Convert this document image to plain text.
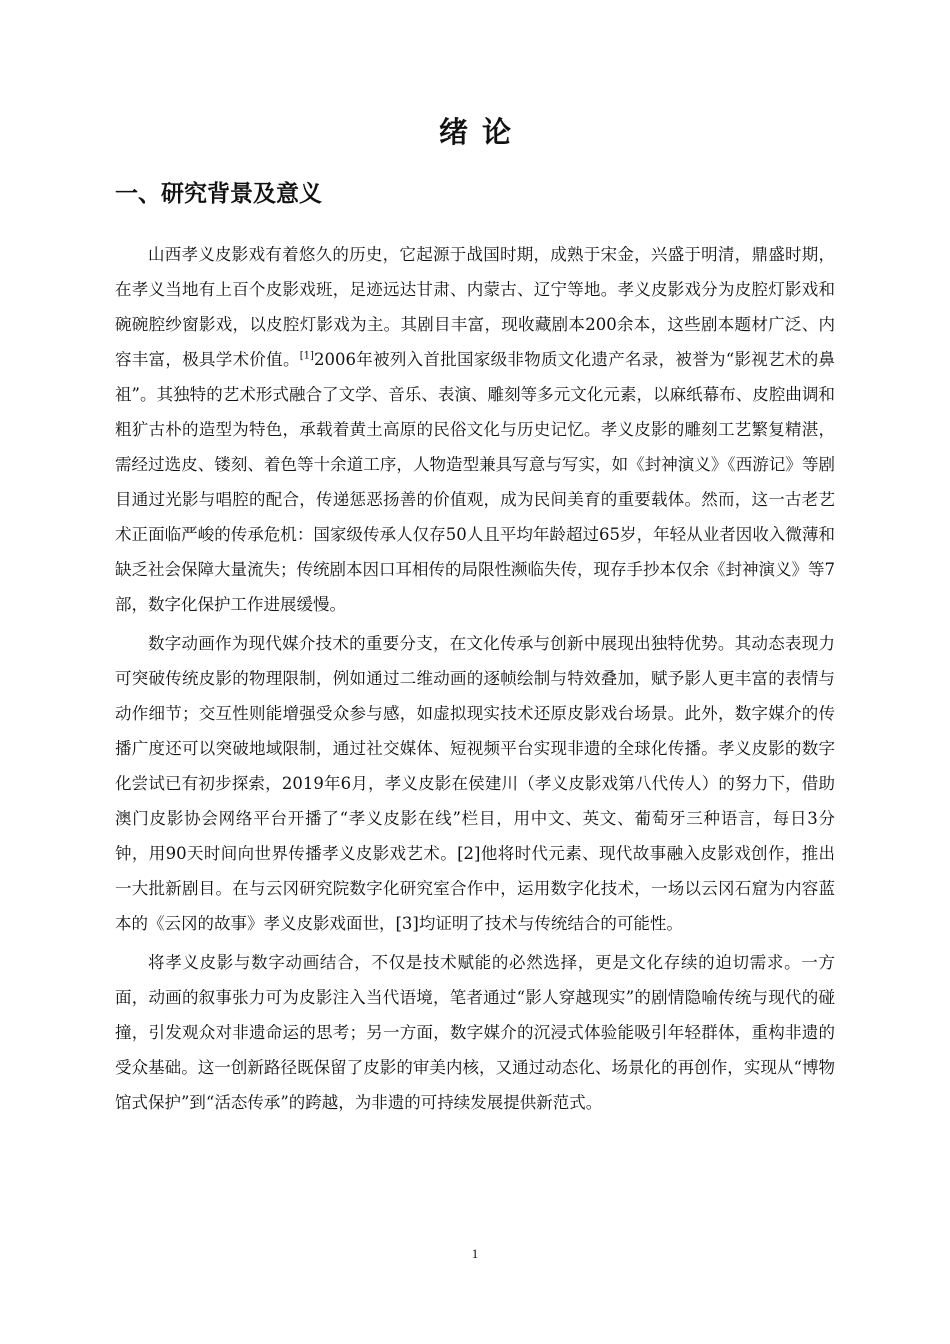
绪论
一、研究背景及意义

山西孝义皮影戏有着悠久的历史，它起源于战国时期，成熟于宋金，兴盛于明清，鼎盛时期，在孝义当地有上百个皮影戏班，足迹远达甘肃、内蒙古、辽宁等地。孝义皮影戏分为皮腔灯影戏和碗碗腔纱窗影戏，以皮腔灯影戏为主。其剧目丰富，现收藏剧本200余本，这些剧本题材广泛、内容丰富，极具学术价值。[1]2006年被列入首批国家级非物质文化遗产名录，被誉为“影视艺术的鼻祖”。其独特的艺术形式融合了文学、音乐、表演、雕刻等多元文化元素，以麻纸幕布、皮腔曲调和粗犷古朴的造型为特色，承载着黄土高原的民俗文化与历史记忆。孝义皮影的雕刻工艺繁复精湛，需经过选皮、镂刻、着色等十余道工序，人物造型兼具写意与写实，如《封神演义》《西游记》等剧目通过光影与唱腔的配合，传递惩恶扬善的价值观，成为民间美育的重要载体。然而，这一古老艺术正面临严峻的传承危机：国家级传承人仅存50人且平均年龄超过65岁，年轻从业者因收入微薄和缺乏社会保障大量流失；传统剧本因口耳相传的局限性濒临失传，现存手抄本仅余《封神演义》等7部，数字化保护工作进展缓慢。

数字动画作为现代媒介技术的重要分支，在文化传承与创新中展现出独特优势。其动态表现力可突破传统皮影的物理限制，例如通过二维动画的逐帧绘制与特效叠加，赋予影人更丰富的表情与动作细节；交互性则能增强受众参与感，如虚拟现实技术还原皮影戏台场景。此外，数字媒介的传播广度还可以突破地域限制，通过社交媒体、短视频平台实现非遗的全球化传播。孝义皮影的数字化尝试已有初步探索，2019年6月，孝义皮影在侯建川（孝义皮影戏第八代传人）的努力下，借助澳门皮影协会网络平台开播了“孝义皮影在线”栏目，用中文、英文、葡萄牙三种语言，每日3分钟，用90天时间向世界传播孝义皮影戏艺术。[2]他将时代元素、现代故事融入皮影戏创作，推出一大批新剧目。在与云冈研究院数字化研究室合作中，运用数字化技术，一场以云冈石窟为内容蓝本的《云冈的故事》孝义皮影戏面世，[3]均证明了技术与传统结合的可能性。

将孝义皮影与数字动画结合，不仅是技术赋能的必然选择，更是文化存续的迫切需求。一方面，动画的叙事张力可为皮影注入当代语境，笔者通过“影人穿越现实”的剧情隐喻传统与现代的碰撞，引发观众对非遗命运的思考；另一方面，数字媒介的沉浸式体验能吸引年轻群体，重构非遗的受众基础。这一创新路径既保留了皮影的审美内核，又通过动态化、场景化的再创作，实现从“博物馆式保护”到“活态传承”的跨越，为非遗的可持续发展提供新范式。

1
